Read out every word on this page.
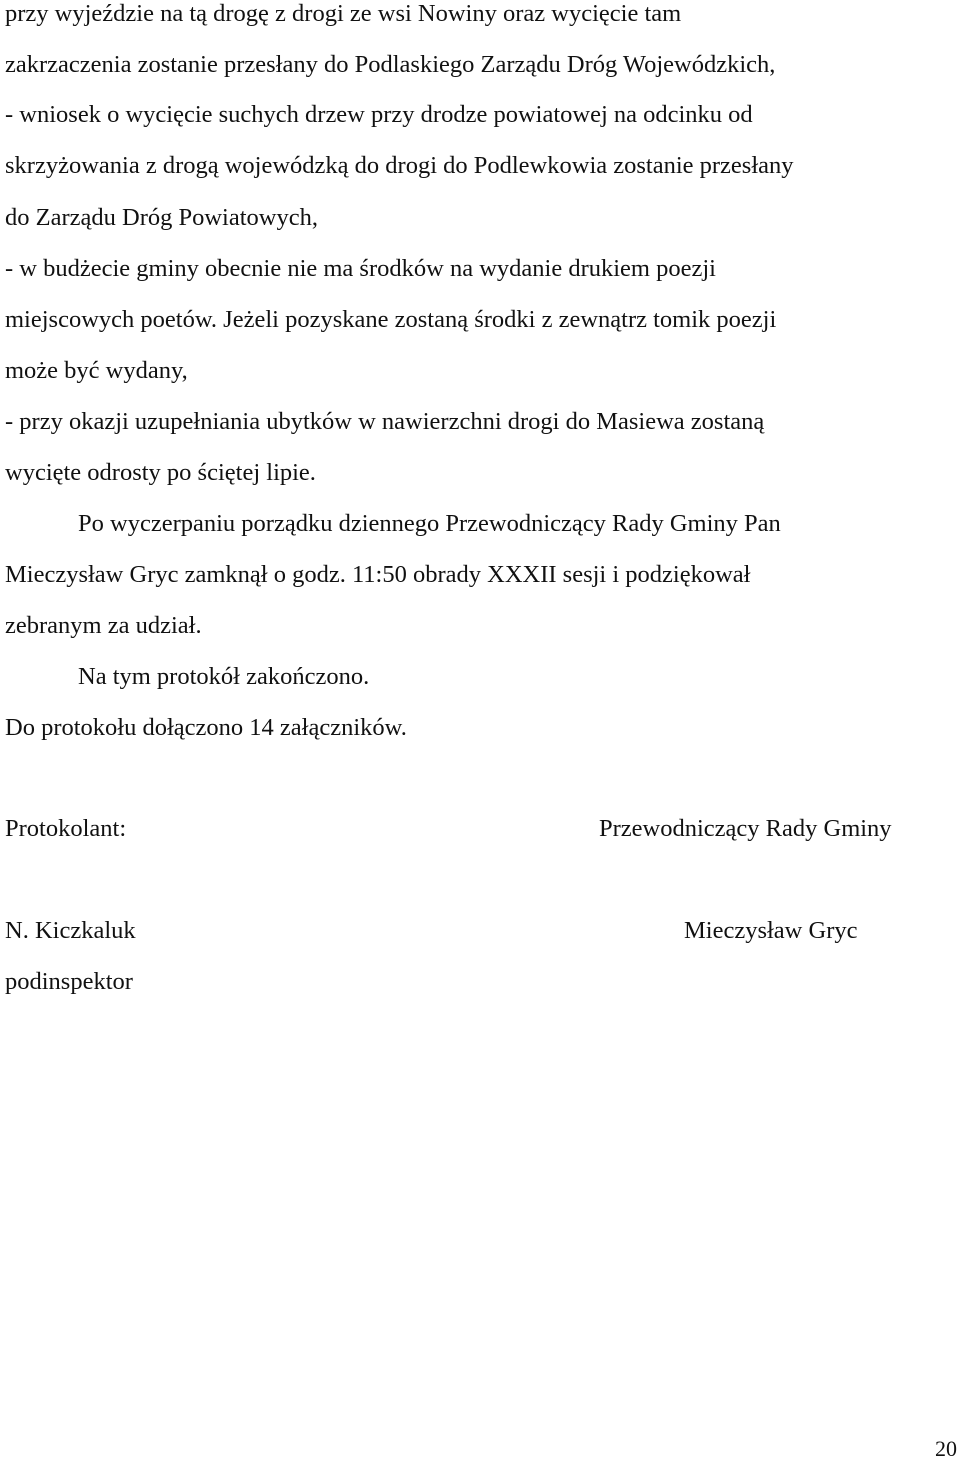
przy wyjeździe na tą drogę z drogi ze wsi Nowiny oraz wycięcie tam
zakrzaczenia zostanie przesłany do Podlaskiego Zarządu Dróg Wojewódzkich,
- wniosek o wycięcie suchych drzew przy drodze powiatowej na odcinku od
skrzyżowania z drogą wojewódzką do drogi do Podlewkowia zostanie przesłany
do Zarządu Dróg Powiatowych,
- w budżecie gminy obecnie nie ma środków na wydanie drukiem poezji
miejscowych poetów. Jeżeli pozyskane zostaną środki z zewnątrz tomik poezji
może być wydany,
- przy okazji uzupełniania ubytków w nawierzchni drogi do Masiewa zostaną
wycięte odrosty po ściętej lipie.
Po wyczerpaniu porządku dziennego Przewodniczący Rady Gminy Pan
Mieczysław Gryc zamknął o godz. 11:50 obrady XXXII sesji i podziękował
zebranym za udział.
Na tym protokół zakończono.
Do protokołu dołączono 14 załączników.
Protokolant:	Przewodniczący Rady Gminy
N. Kiczkaluk	Mieczysław Gryc
podinspektor
20
